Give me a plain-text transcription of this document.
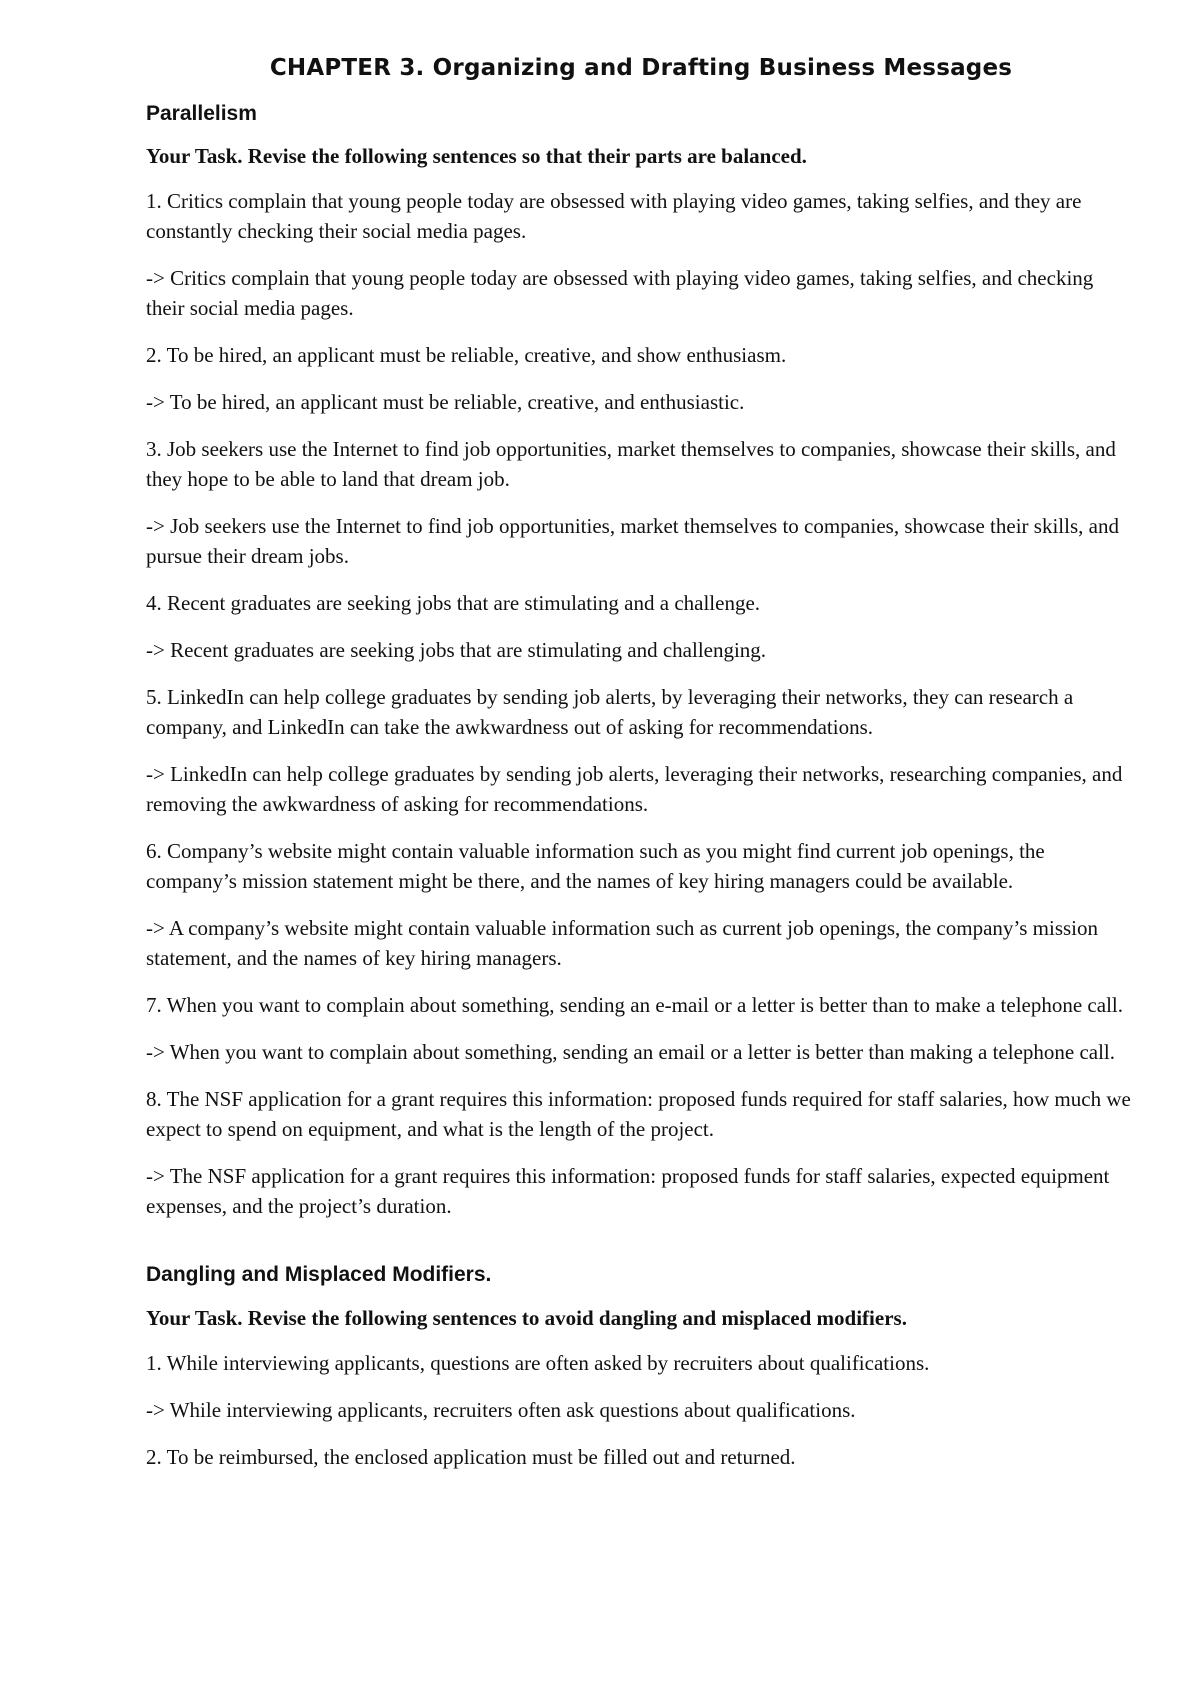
CHAPTER 3. Organizing and Drafting Business Messages
Parallelism

Your Task. Revise the following sentences so that their parts are balanced.

1. Critics complain that young people today are obsessed with playing video games, taking selfies, and they are constantly checking their social media pages.

-> Critics complain that young people today are obsessed with playing video games, taking selfies, and checking their social media pages.

2. To be hired, an applicant must be reliable, creative, and show enthusiasm.

-> To be hired, an applicant must be reliable, creative, and enthusiastic.

3. Job seekers use the Internet to find job opportunities, market themselves to companies, showcase their skills, and they hope to be able to land that dream job.

-> Job seekers use the Internet to find job opportunities, market themselves to companies, showcase their skills, and pursue their dream jobs.

4. Recent graduates are seeking jobs that are stimulating and a challenge.

-> Recent graduates are seeking jobs that are stimulating and challenging.

5. LinkedIn can help college graduates by sending job alerts, by leveraging their networks, they can research a company, and LinkedIn can take the awkwardness out of asking for recommendations.

-> LinkedIn can help college graduates by sending job alerts, leveraging their networks, researching companies, and removing the awkwardness of asking for recommendations.

6. Company’s website might contain valuable information such as you might find current job openings, the company’s mission statement might be there, and the names of key hiring managers could be available.

-> A company’s website might contain valuable information such as current job openings, the company’s mission statement, and the names of key hiring managers.

7. When you want to complain about something, sending an e-mail or a letter is better than to make a telephone call.

-> When you want to complain about something, sending an email or a letter is better than making a telephone call.

8. The NSF application for a grant requires this information: proposed funds required for staff salaries, how much we expect to spend on equipment, and what is the length of the project.

-> The NSF application for a grant requires this information: proposed funds for staff salaries, expected equipment expenses, and the project’s duration.

Dangling and Misplaced Modifiers.

Your Task. Revise the following sentences to avoid dangling and misplaced modifiers.

1. While interviewing applicants, questions are often asked by recruiters about qualifications.

-> While interviewing applicants, recruiters often ask questions about qualifications.

2. To be reimbursed, the enclosed application must be filled out and returned.
